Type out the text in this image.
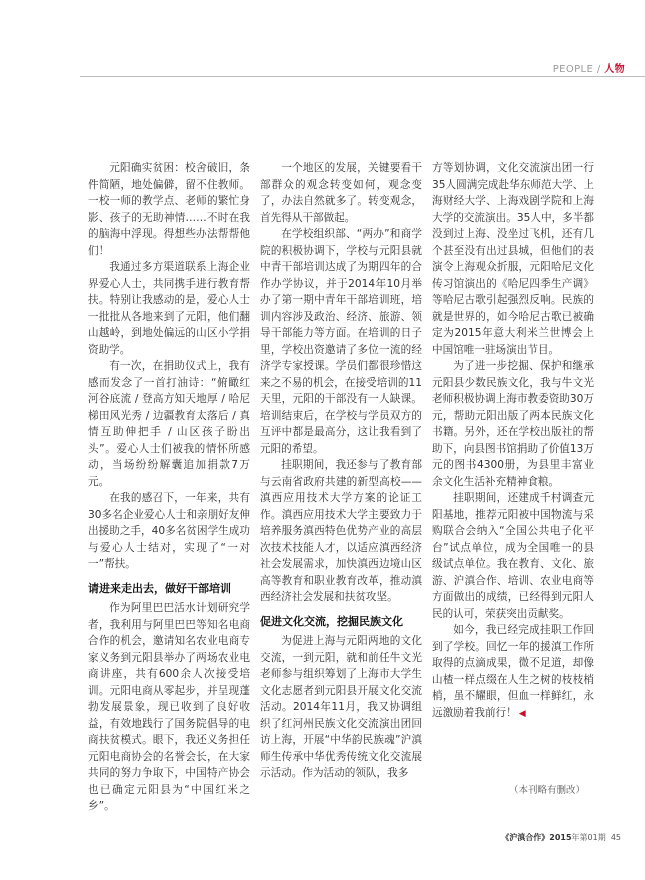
PEOPLE / 人物

元阳确实贫困：校舍破旧，条件简陋，地处偏僻，留不住教师。一校一师的教学点、老师的繁忙身影、孩子的无助神情……不时在我的脑海中浮现。得想些办法帮帮他们！

我通过多方渠道联系上海企业界爱心人士，共同携手进行教育帮扶。特别让我感动的是，爱心人士一批批从各地来到了元阳，他们翻山越岭，到地处偏远的山区小学捐资助学。

有一次，在捐助仪式上，我有感而发念了一首打油诗：“俯瞰红河谷底流 / 登高方知天地厚 / 哈尼梯田风光秀 / 边疆教育太落后 / 真情互助伸把手 / 山区孩子盼出头”。爱心人士们被我的情怀所感动，当场纷纷解囊追加捐款7万元。

在我的感召下，一年来，共有30多名企业爱心人士和亲朋好友伸出援助之手，40多名贫困学生成功与爱心人士结对，实现了“一对一”帮扶。

请进来走出去，做好干部培训

作为阿里巴巴活水计划研究学者，我利用与阿里巴巴等知名电商合作的机会，邀请知名农业电商专家义务到元阳县举办了两场农业电商讲座，共有600余人次接受培训。元阳电商从零起步，并呈现蓬勃发展景象，现已收到了良好收益，有效地践行了国务院倡导的电商扶贫模式。眼下，我还义务担任元阳电商协会的名誉会长，在大家共同的努力争取下，中国特产协会也已确定元阳县为“中国红米之乡”。

一个地区的发展，关键要看干部群众的观念转变如何，观念变了，办法自然就多了。转变观念，首先得从干部做起。

在学校组织部、“两办”和商学院的积极协调下，学校与元阳县就中青干部培训达成了为期四年的合作办学协议，并于2014年10月举办了第一期中青年干部培训班，培训内容涉及政治、经济、旅游、领导干部能力等方面。在培训的日子里，学校出资邀请了多位一流的经济学专家授课。学员们都很珍惜这来之不易的机会，在接受培训的11天里，元阳的干部没有一人缺课。培训结束后，在学校与学员双方的互评中都是最高分，这让我看到了元阳的希望。

挂职期间，我还参与了教育部与云南省政府共建的新型高校——滇西应用技术大学方案的论证工作。滇西应用技术大学主要致力于培养服务滇西特色优势产业的高层次技术技能人才，以适应滇西经济社会发展需求，加快滇西边境山区高等教育和职业教育改革，推动滇西经济社会发展和扶贫攻坚。

促进文化交流，挖掘民族文化

为促进上海与元阳两地的文化交流，一到元阳，就和前任牛文光老师参与组织筹划了上海市大学生文化志愿者到元阳县开展文化交流活动。2014年11月，我又协调组织了红河州民族文化交流演出团回访上海，开展“中华韵民族魂”沪滇师生传承中华优秀传统文化交流展示活动。作为活动的领队，我多

方等划协调，文化交流演出团一行35人圆满完成赴华东师范大学、上海财经大学、上海戏剧学院和上海大学的交流演出。35人中，多半都没到过上海、没坐过飞机，还有几个甚至没有出过县城，但他们的表演令上海观众折服，元阳哈尼文化传习馆演出的《哈尼四季生产调》等哈尼古歌引起强烈反响。民族的就是世界的，如今哈尼古歌已被确定为2015年意大利米兰世博会上中国馆唯一驻场演出节目。

为了进一步挖掘、保护和继承元阳县少数民族文化，我与牛文光老师积极协调上海市教委资助30万元，帮助元阳出版了两本民族文化书籍。另外，还在学校出版社的帮助下，向县图书馆捐助了价值13万元的图书4300册，为县里丰富业余文化生活补充精神食粮。

挂职期间，还建成千村调查元阳基地，推荐元阳被中国物流与采购联合会纳入“全国公共电子化平台”试点单位，成为全国唯一的县级试点单位。我在教育、文化、旅游、沪滇合作、培训、农业电商等方面做出的成绩，已经得到元阳人民的认可，荣获突出贡献奖。

如今，我已经完成挂职工作回到了学校。回忆一年的援滇工作所取得的点滴成果，微不足道，却像山楂一样点缀在人生之树的枝枝梢梢，虽不耀眼，但血一样鲜红，永远激励着我前行！ ◀

（本刊略有删改）
《沪滇合作》2015年第01期 45
